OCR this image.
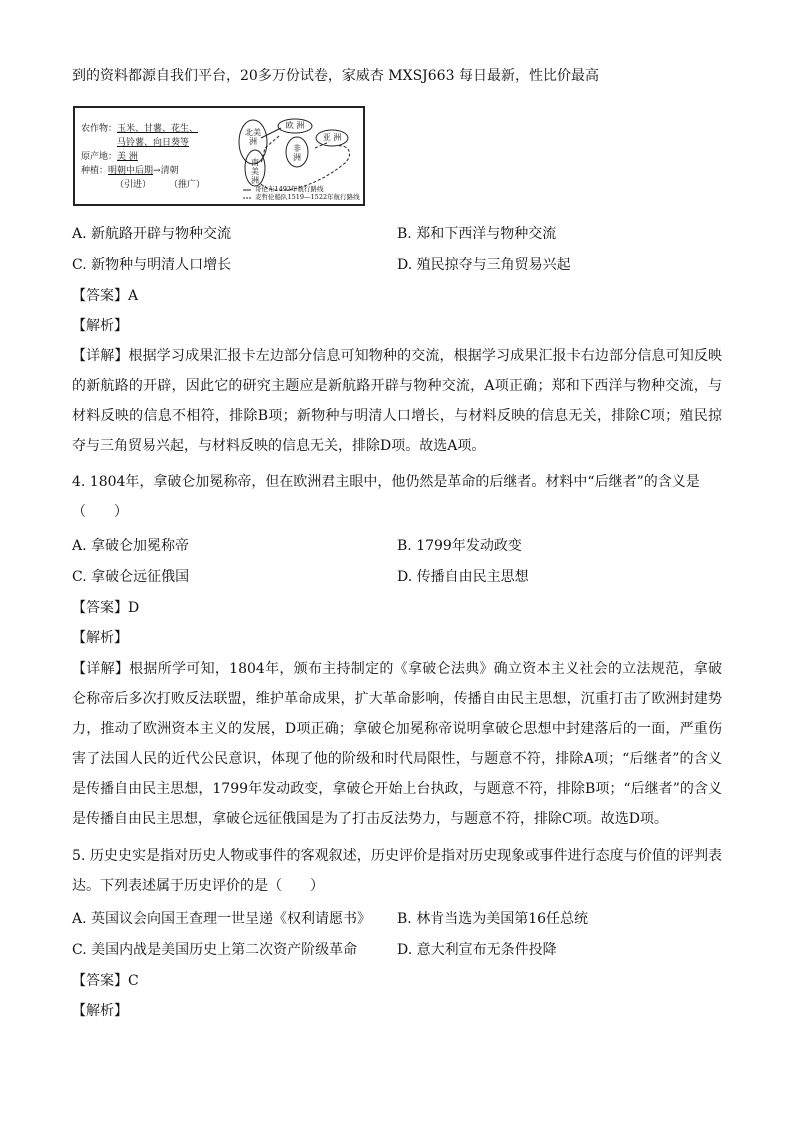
到的资料都源自我们平台，20多万份试卷，家威杏 MXSJ663 每日最新，性比价最高
农作物：玉米、甘薯、花生、
马铃薯、向日葵等
原产地：美 洲
种植：明朝中后期→清朝
（引进）　　　	（推广）
北美洲
南美洲
欧 洲
非 洲
亚 洲
哥伦布1492年航行路线
麦哲伦船队1519—1522年航行路线
A. 新航路开辟与物种交流	B. 郑和下西洋与物种交流
C. 新物种与明清人口增长	D. 殖民掠夺与三角贸易兴起
【答案】A
【解析】
【详解】根据学习成果汇报卡左边部分信息可知物种的交流，根据学习成果汇报卡右边部分信息可知反映的新航路的开辟，因此它的研究主题应是新航路开辟与物种交流，A项正确；郑和下西洋与物种交流，与材料反映的信息不相符，排除B项；新物种与明清人口增长，与材料反映的信息无关，排除C项；殖民掠夺与三角贸易兴起，与材料反映的信息无关，排除D项。故选A项。
4. 1804年，拿破仑加冕称帝，但在欧洲君主眼中，他仍然是革命的后继者。材料中“后继者”的含义是
（　　）
A. 拿破仑加冕称帝	B. 1799年发动政变
C. 拿破仑远征俄国	D. 传播自由民主思想
【答案】D
【解析】
【详解】根据所学可知，1804年，颁布主持制定的《拿破仑法典》确立资本主义社会的立法规范，拿破仑称帝后多次打败反法联盟，维护革命成果，扩大革命影响，传播自由民主思想，沉重打击了欧洲封建势力，推动了欧洲资本主义的发展，D项正确；拿破仑加冕称帝说明拿破仑思想中封建落后的一面，严重伤害了法国人民的近代公民意识，体现了他的阶级和时代局限性，与题意不符，排除A项；“后继者”的含义是传播自由民主思想，1799年发动政变，拿破仑开始上台执政，与题意不符，排除B项；“后继者”的含义是传播自由民主思想，拿破仑远征俄国是为了打击反法势力，与题意不符，排除C项。故选D项。
5. 历史史实是指对历史人物或事件的客观叙述，历史评价是指对历史现象或事件进行态度与价值的评判表达。下列表述属于历史评价的是（　　）
A. 英国议会向国王查理一世呈递《权利请愿书》 B. 林肯当选为美国第16任总统
C. 美国内战是美国历史上第二次资产阶级革命	D. 意大利宣布无条件投降
【答案】C
【解析】
